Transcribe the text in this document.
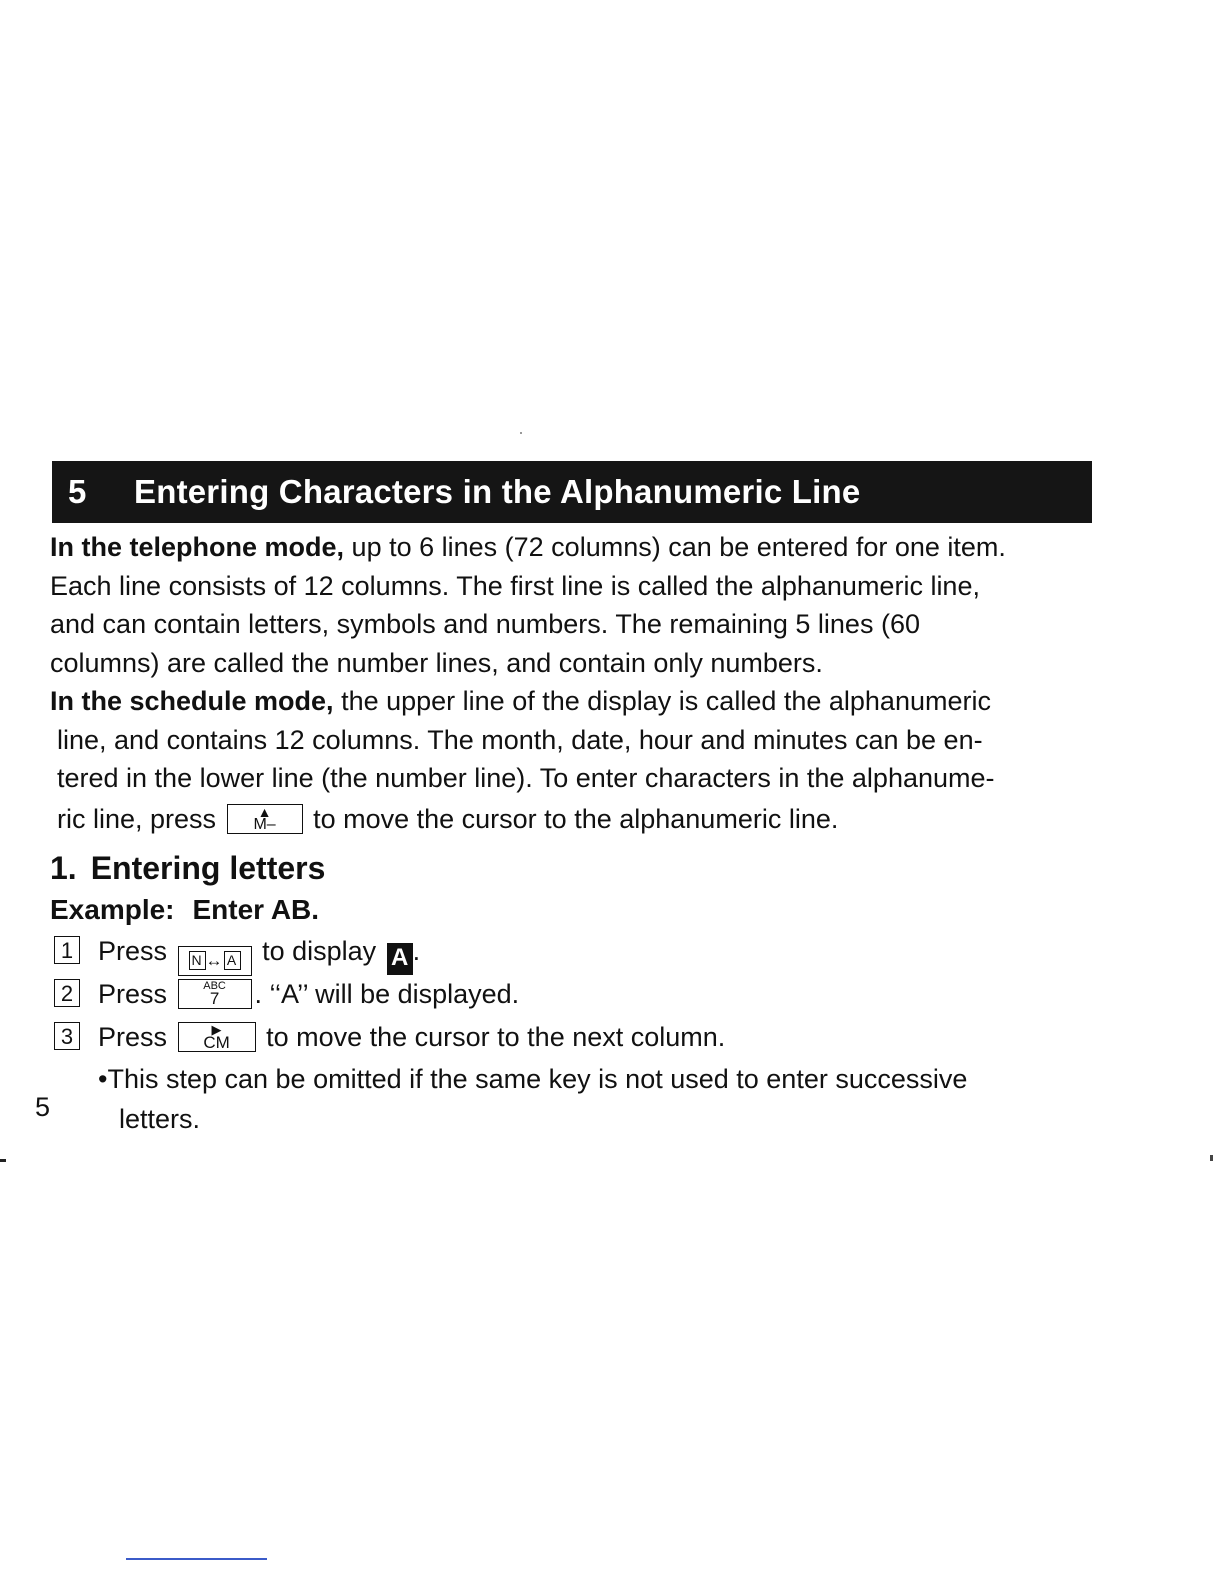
5	Entering Characters in the Alphanumeric Line

In the telephone mode, up to 6 lines (72 columns) can be entered for one item.

Each line consists of 12 columns. The first line is called the alphanumeric line,

and can contain letters, symbols and numbers. The remaining 5 lines (60

columns) are called the number lines, and contain only numbers.

In the schedule mode, the upper line of the display is called the alphanumeric

line, and contains 12 columns. The month, date, hour and minutes can be en-

tered in the lower line (the number line). To enter characters in the alphanume-

ric line, press	▲
M–	to move the cursor to the alphanumeric line.

1. Entering letters
Example: Enter AB.
1 Press N ↔ A to display A .
2 Press	ABC
7	. ‘‘A’’ will be displayed.
3 Press	▶
CM	to move the cursor to the next column.
•This step can be omitted if the same key is not used to enter successive
letters.
5
